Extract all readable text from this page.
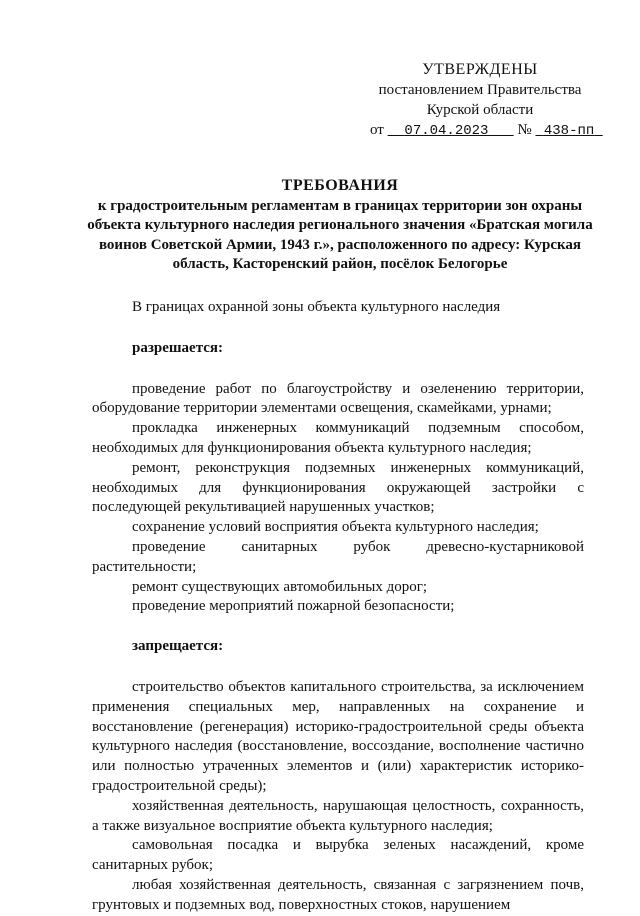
УТВЕРЖДЕНЫ
постановлением Правительства
Курской области
от 07.04.2023 № 438-пп
ТРЕБОВАНИЯ
к градостроительным регламентам в границах территории зон охраны объекта культурного наследия регионального значения «Братская могила воинов Советской Армии, 1943 г.», расположенного по адресу: Курская область, Касторенский район, посёлок Белогорье

В границах охранной зоны объекта культурного наследия

разрешается:

проведение работ по благоустройству и озеленению территории, оборудование территории элементами освещения, скамейками, урнами;

прокладка инженерных коммуникаций подземным способом, необходимых для функционирования объекта культурного наследия;

ремонт, реконструкция подземных инженерных коммуникаций, необходимых для функционирования окружающей застройки с последующей рекультивацией нарушенных участков;

сохранение условий восприятия объекта культурного наследия;

проведение санитарных рубок древесно-кустарниковой растительности;

ремонт существующих автомобильных дорог;

проведение мероприятий пожарной безопасности;

запрещается:

строительство объектов капитального строительства, за исключением применения специальных мер, направленных на сохранение и восстановление (регенерация) историко-градостроительной среды объекта культурного наследия (восстановление, воссоздание, восполнение частично или полностью утраченных элементов и (или) характеристик историко-градостроительной среды);

хозяйственная деятельность, нарушающая целостность, сохранность, а также визуальное восприятие объекта культурного наследия;

самовольная посадка и вырубка зеленых насаждений, кроме санитарных рубок;

любая хозяйственная деятельность, связанная с загрязнением почв, грунтовых и подземных вод, поверхностных стоков, нарушением
